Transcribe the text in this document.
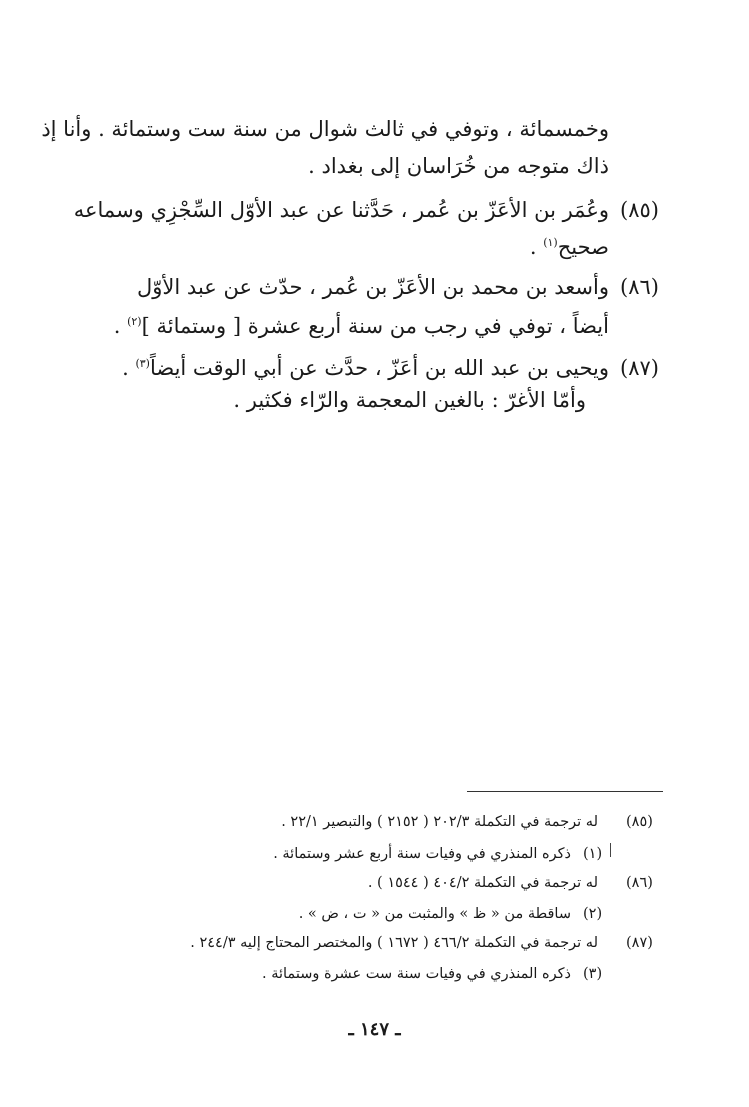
وخمسمائة ، وتوفي في ثالث شوال من سنة ست وستمائة . وأنا إذ
ذاك متوجه من خُرَاسان إلى بغداد .
(٨٥)
وعُمَر بن الأعَزّ بن عُمر ، حَدَّثنا عن عبد الأوّل السِّجْزِي وسماعه
صحيح$^{(١)}$ .
(٨٦)
وأسعد بن محمد بن الأعَزّ بن عُمر ، حدّث عن عبد الأوّل
أيضاً ، توفي في رجب من سنة أربع عشرة [ وستمائة ]$^{(٢)}$ .
(٨٧)
ويحيى بن عبد الله بن أعَزّ ، حدَّث عن أبي الوقت أيضاً$^{(٣)}$ .
وأمّا الأغرّ : بالغين المعجمة والرّاء فكثير .
(٨٥)
له ترجمة في التكملة ٢٠٢/٣ ( ٢١٥٢ ) والتبصير ٢٢/١ .
(١)
ذكره المنذري في وفيات سنة أربع عشر وستمائة .
(٨٦)
له ترجمة في التكملة ٤٠٤/٢ ( ١٥٤٤ ) .
(٢)
ساقطة من « ظ » والمثبت من « ت ، ض » .
(٨٧)
له ترجمة في التكملة ٤٦٦/٢ ( ١٦٧٢ ) والمختصر المحتاج إليه ٢٤٤/٣ .
(٣)
ذكره المنذري في وفيات سنة ست عشرة وستمائة .
ـ ١٤٧ ـ
